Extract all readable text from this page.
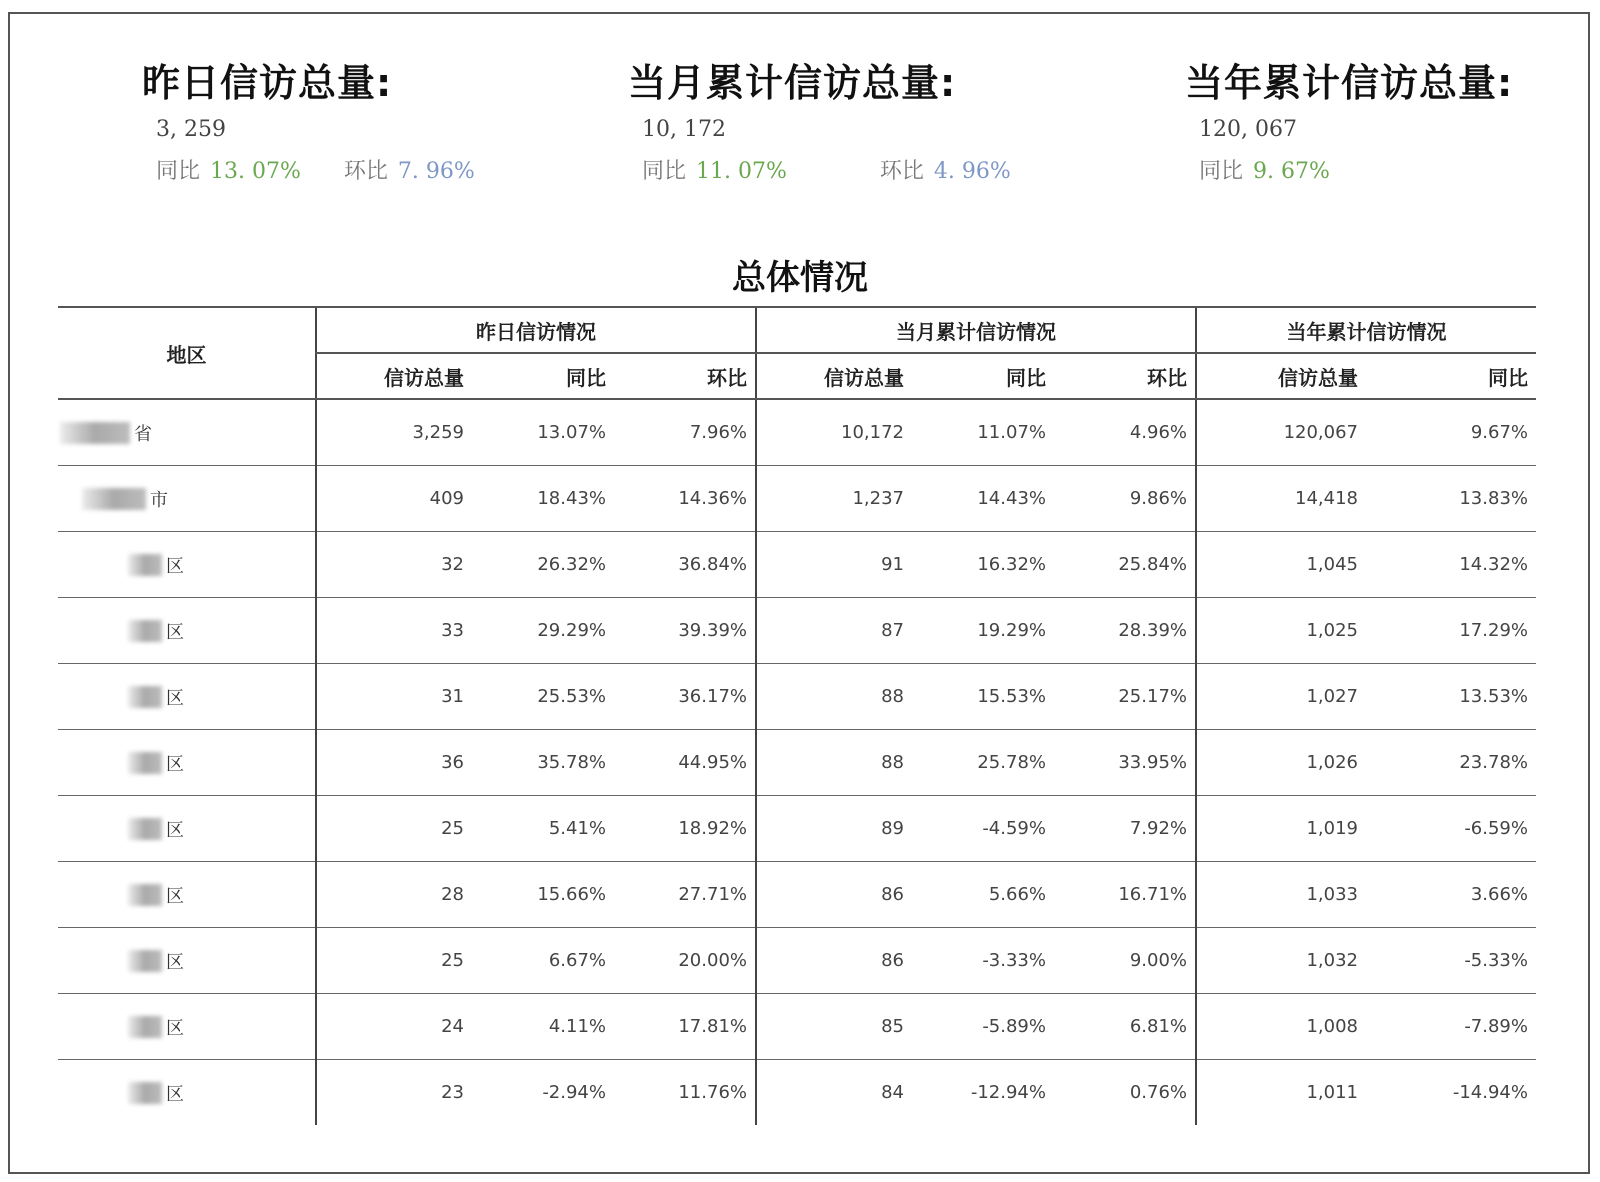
昨日信访总量:
3, 259
同比 13. 07% 环比 7. 96%
当月累计信访总量:
10, 172
同比 11. 07%	环比 4. 96%
当年累计信访总量:
120, 067
同比 9. 67%
总体情况
地区	昨日信访情况			当月累计信访情况			当年累计信访情况	
	信访总量	同比	环比	信访总量	同比	环比	信访总量	同比
省	3,259	13.07%	7.96%	10,172	11.07%	4.96%	120,067	9.67%
市	409	18.43%	14.36%	1,237	14.43%	9.86%	14,418	13.83%
区	32	26.32%	36.84%	91	16.32%	25.84%	1,045	14.32%
区	33	29.29%	39.39%	87	19.29%	28.39%	1,025	17.29%
区	31	25.53%	36.17%	88	15.53%	25.17%	1,027	13.53%
区	36	35.78%	44.95%	88	25.78%	33.95%	1,026	23.78%
区	25	5.41%	18.92%	89	-4.59%	7.92%	1,019	-6.59%
区	28	15.66%	27.71%	86	5.66%	16.71%	1,033	3.66%
区	25	6.67%	20.00%	86	-3.33%	9.00%	1,032	-5.33%
区	24	4.11%	17.81%	85	-5.89%	6.81%	1,008	-7.89%
区	23	-2.94%	11.76%	84	-12.94%	0.76%	1,011	-14.94%
